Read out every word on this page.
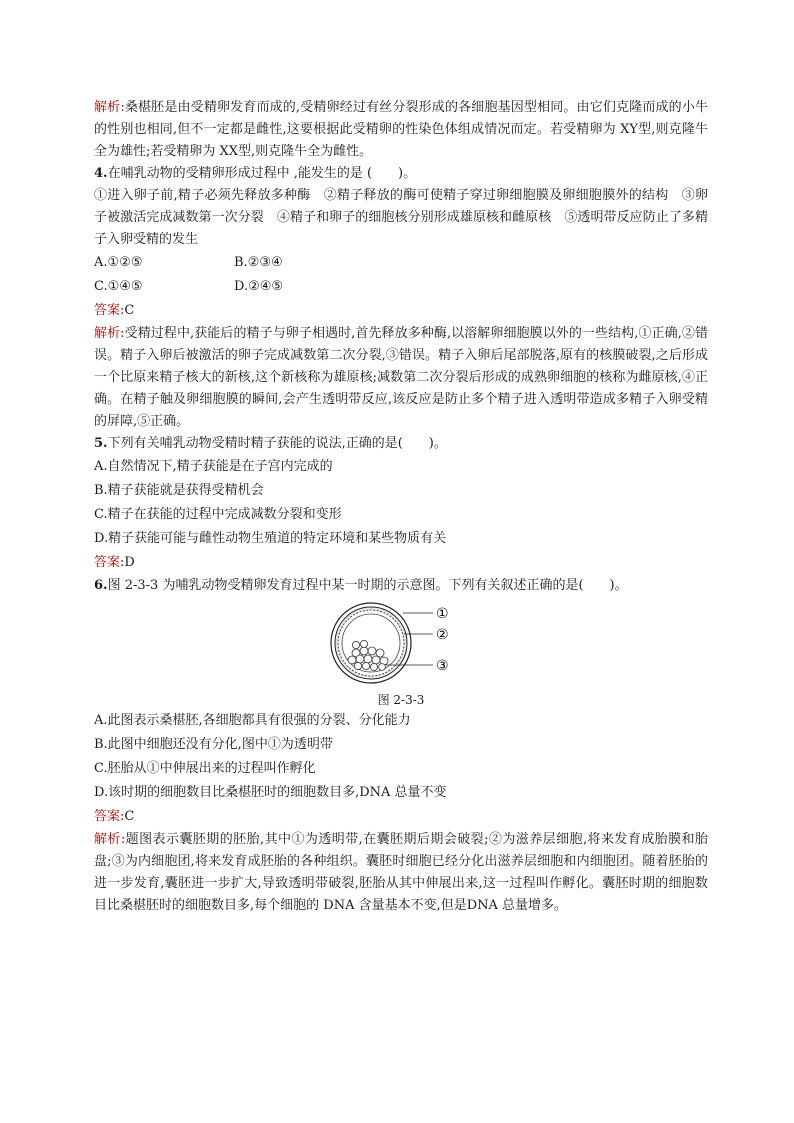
解析:桑椹胚是由受精卵发育而成的,受精卵经过有丝分裂形成的各细胞基因型相同。由它们克隆而成的小牛的性别也相同,但不一定都是雌性,这要根据此受精卵的性染色体组成情况而定。若受精卵为 XY型,则克隆牛全为雄性;若受精卵为 XX型,则克隆牛全为雌性。

4.在哺乳动物的受精卵形成过程中 ,能发生的是 (　　)。

①进入卵子前,精子必须先释放多种酶　②精子释放的酶可使精子穿过卵细胞膜及卵细胞膜外的结构　③卵子被激活完成减数第一次分裂　④精子和卵子的细胞核分别形成雄原核和雌原核　⑤透明带反应防止了多精子入卵受精的发生

A.①②⑤	B.②③④
C.①④⑤	D.②④⑤

答案:C

解析:受精过程中,获能后的精子与卵子相遇时,首先释放多种酶,以溶解卵细胞膜以外的一些结构,①正确,②错误。精子入卵后被激活的卵子完成减数第二次分裂,③错误。精子入卵后尾部脱落,原有的核膜破裂,之后形成一个比原来精子核大的新核,这个新核称为雄原核;减数第二次分裂后形成的成熟卵细胞的核称为雌原核,④正确。在精子触及卵细胞膜的瞬间,会产生透明带反应,该反应是防止多个精子进入透明带造成多精子入卵受精的屏障,⑤正确。

5.下列有关哺乳动物受精时精子获能的说法,正确的是(　　)。

A.自然情况下,精子获能是在子宫内完成的

B.精子获能就是获得受精机会

C.精子在获能的过程中完成减数分裂和变形

D.精子获能可能与雌性动物生殖道的特定环境和某些物质有关

答案:D

6.图 2-3-3 为哺乳动物受精卵发育过程中某一时期的示意图。下列有关叙述正确的是(　　)。

①
②
③
图 2-3-3

A.此图表示桑椹胚,各细胞都具有很强的分裂、分化能力

B.此图中细胞还没有分化,图中①为透明带

C.胚胎从①中伸展出来的过程叫作孵化

D.该时期的细胞数目比桑椹胚时的细胞数目多,DNA 总量不变

答案:C

解析:题图表示囊胚期的胚胎,其中①为透明带,在囊胚期后期会破裂;②为滋养层细胞,将来发育成胎膜和胎盘;③为内细胞团,将来发育成胚胎的各种组织。囊胚时细胞已经分化出滋养层细胞和内细胞团。随着胚胎的进一步发育,囊胚进一步扩大,导致透明带破裂,胚胎从其中伸展出来,这一过程叫作孵化。囊胚时期的细胞数目比桑椹胚时的细胞数目多,每个细胞的 DNA 含量基本不变,但是DNA 总量增多。
